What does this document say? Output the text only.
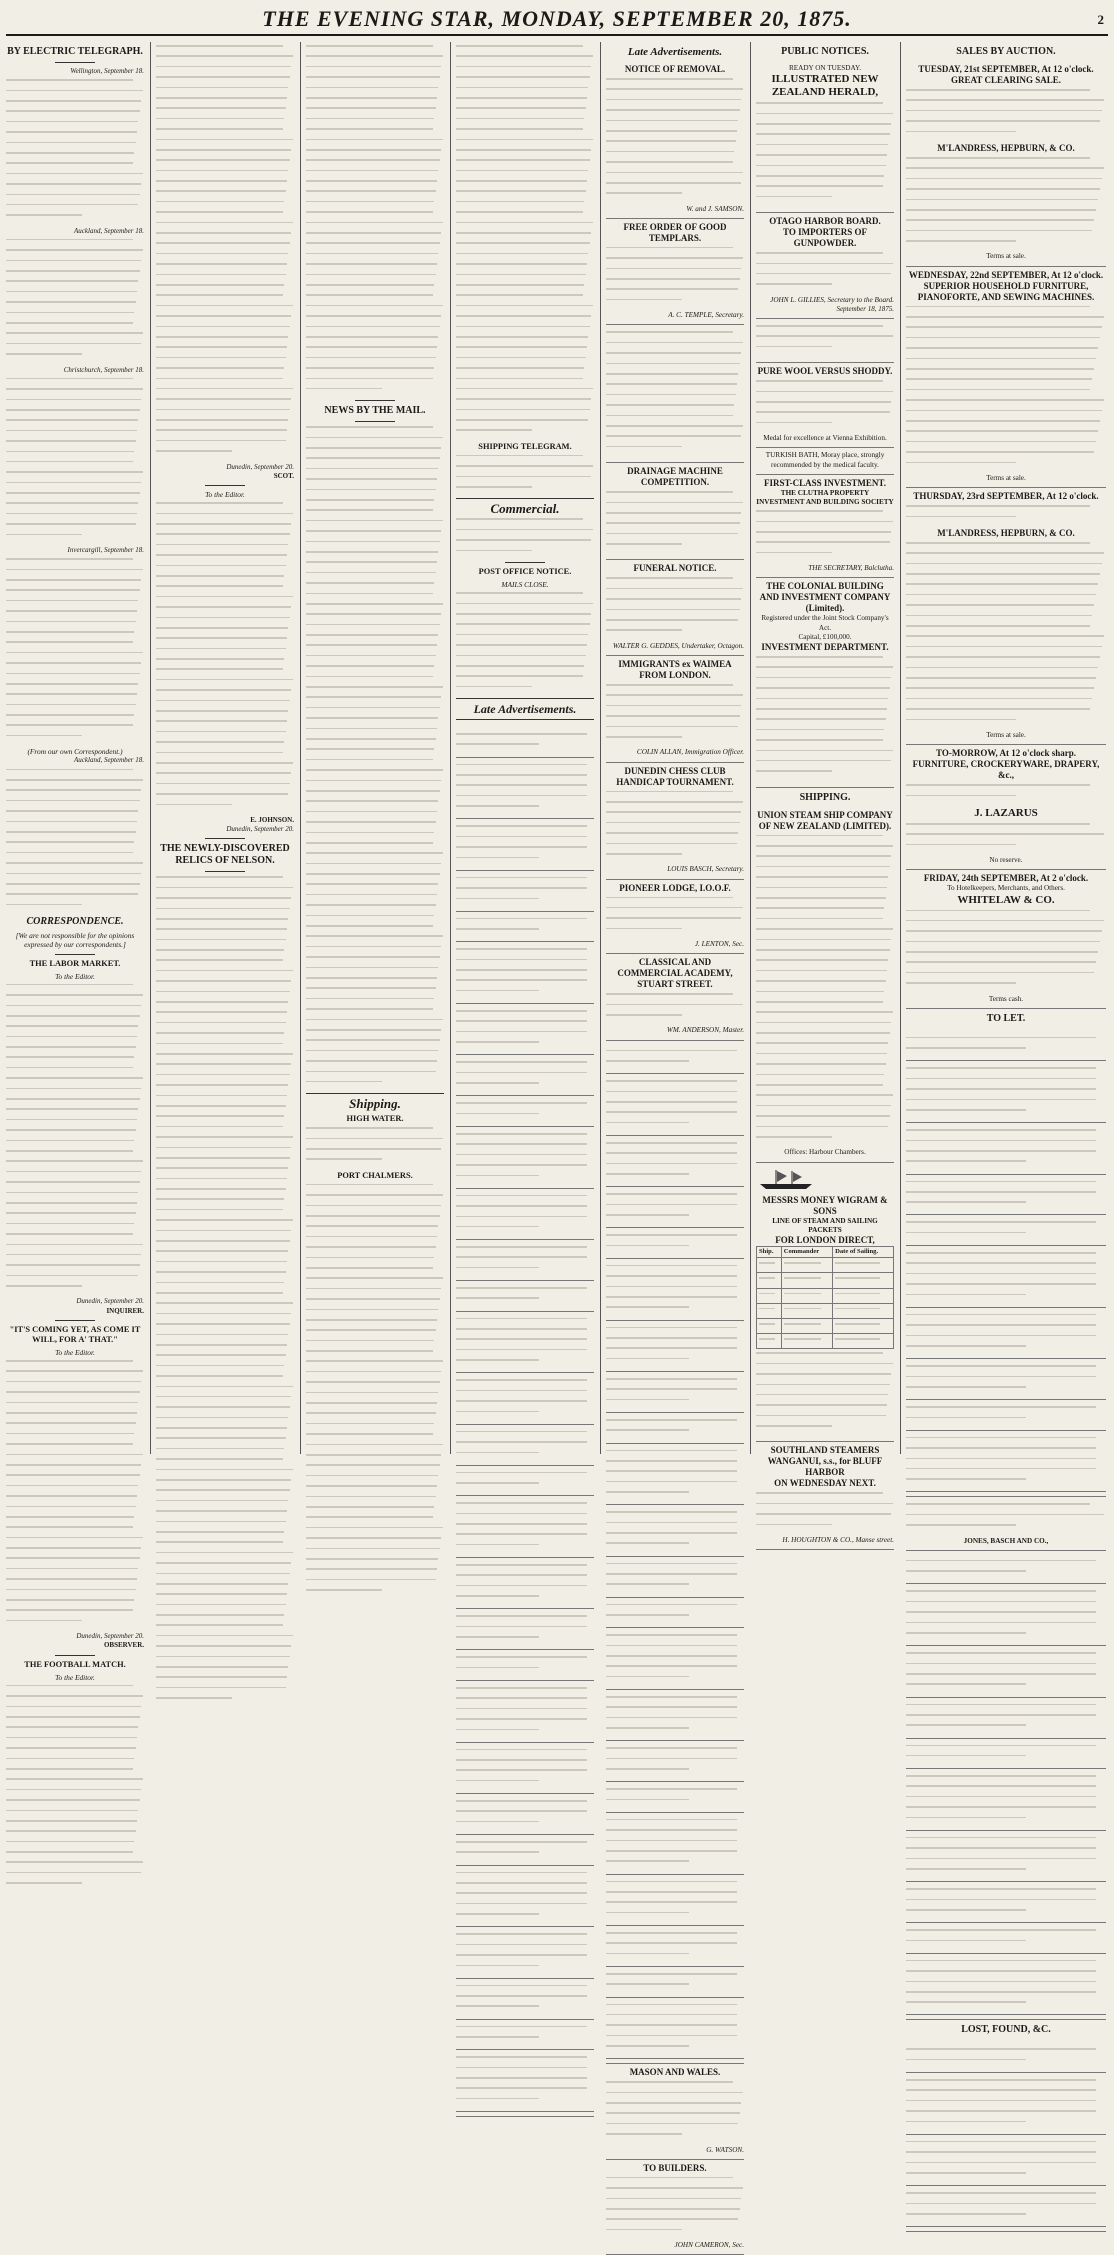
THE EVENING STAR, MONDAY, SEPTEMBER 20, 1875.	2
BY ELECTRIC TELEGRAPH.
Wellington, September 18.
Auckland, September 18.
Christchurch, September 18.
Invercargill, September 18.
(From our own Correspondent.)
Auckland, September 18.
CORRESPONDENCE.
[We are not responsible for the opinions expressed by our correspondents.]
THE LABOR MARKET.
To the Editor.
Dunedin, September 20.
INQUIRER.
"IT'S COMING YET, AS COME IT WILL, FOR A' THAT."
To the Editor.
Dunedin, September 20.
OBSERVER.
THE FOOTBALL MATCH.
To the Editor.
Dunedin, September 20.
SCOT.
To the Editor.
E. JOHNSON.
Dunedin, September 20.
THE NEWLY-DISCOVERED RELICS OF NELSON.
NEWS BY THE MAIL.
Shipping.
HIGH WATER.
PORT CHALMERS.
SHIPPING TELEGRAM.
Commercial.
POST OFFICE NOTICE.
MAILS CLOSE.
Late Advertisements.
Late Advertisements.
NOTICE OF REMOVAL.
W. and J. SAMSON.
FREE ORDER OF GOOD TEMPLARS.
A. C. TEMPLE, Secretary.
DRAINAGE MACHINE COMPETITION.
FUNERAL NOTICE.
WALTER G. GEDDES, Undertaker, Octagon.
IMMIGRANTS ex WAIMEA FROM LONDON.
COLIN ALLAN, Immigration Officer.
DUNEDIN CHESS CLUB HANDICAP TOURNAMENT.
LOUIS BASCH, Secretary.
PIONEER LODGE, I.O.O.F.
J. LENTON, Sec.
CLASSICAL AND COMMERCIAL ACADEMY, STUART STREET.
WM. ANDERSON, Master.
MASON AND WALES.
G. WATSON.
TO BUILDERS.
JOHN CAMERON, Sec.
PUBLIC NOTICES.
READY ON TUESDAY.
ILLUSTRATED NEW ZEALAND HERALD,
OTAGO HARBOR BOARD.
TO IMPORTERS OF GUNPOWDER.
JOHN L. GILLIES, Secretary to the Board.
September 18, 1875.
PURE WOOL VERSUS SHODDY.
Medal for excellence at Vienna Exhibition.
TURKISH BATH, Moray place, strongly recommended by the medical faculty.
FIRST-CLASS INVESTMENT.
THE CLUTHA PROPERTY INVESTMENT AND BUILDING SOCIETY
THE SECRETARY, Balclutha.
THE COLONIAL BUILDING AND INVESTMENT COMPANY (Limited).
Registered under the Joint Stock Company's Act.
Capital, £100,000.
INVESTMENT DEPARTMENT.
SHIPPING.
UNION STEAM SHIP COMPANY OF NEW ZEALAND (LIMITED).
Offices: Harbour Chambers.
MESSRS MONEY WIGRAM & SONS
LINE OF STEAM AND SAILING PACKETS
FOR LONDON DIRECT,
Ship.	Commander	Date of Sailing.

SOUTHLAND STEAMERS
WANGANUI, s.s., for BLUFF HARBOR
ON WEDNESDAY NEXT.
H. HOUGHTON & CO., Manse street.
SALES BY AUCTION.
TUESDAY, 21st SEPTEMBER, At 12 o'clock.
GREAT CLEARING SALE.
M'LANDRESS, HEPBURN, & CO.
Terms at sale.
WEDNESDAY, 22nd SEPTEMBER, At 12 o'clock.
SUPERIOR HOUSEHOLD FURNITURE, PIANOFORTE, AND SEWING MACHINES.
Terms at sale.
THURSDAY, 23rd SEPTEMBER, At 12 o'clock.
M'LANDRESS, HEPBURN, & CO.
Terms at sale.
TO-MORROW, At 12 o'clock sharp.
FURNITURE, CROCKERYWARE, DRAPERY, &c.,
J. LAZARUS
No reserve.
FRIDAY, 24th SEPTEMBER, At 2 o'clock.
To Hotelkeepers, Merchants, and Others.
WHITELAW & CO.
Terms cash.
TO LET.
JONES, BASCH AND CO.,
LOST, FOUND, &C.
